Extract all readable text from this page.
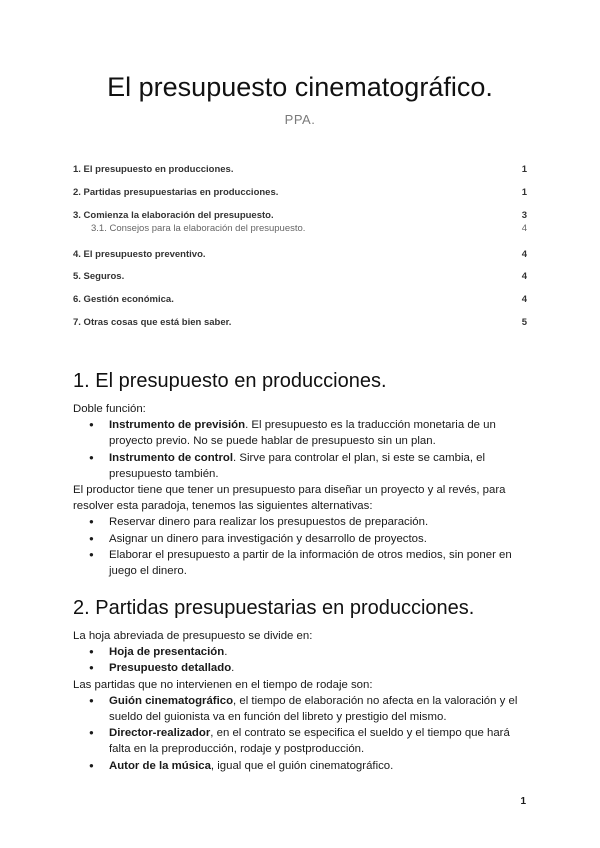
El presupuesto cinematográfico.
PPA.
1. El presupuesto en producciones.	1
2. Partidas presupuestarias en producciones.	1
3. Comienza la elaboración del presupuesto.	3
3.1. Consejos para la elaboración del presupuesto.	4
4. El presupuesto preventivo.	4
5. Seguros.	4
6. Gestión económica.	4
7. Otras cosas que está bien saber.	5
1. El presupuesto en producciones.

Doble función:

● Instrumento de previsión. El presupuesto es la traducción monetaria de un proyecto previo. No se puede hablar de presupuesto sin un plan.
● Instrumento de control. Sirve para controlar el plan, si este se cambia, el presupuesto también.

El productor tiene que tener un presupuesto para diseñar un proyecto y al revés, para resolver esta paradoja, tenemos las siguientes alternativas:

● Reservar dinero para realizar los presupuestos de preparación.
● Asignar un dinero para investigación y desarrollo de proyectos.
● Elaborar el presupuesto a partir de la información de otros medios, sin poner en juego el dinero.
2. Partidas presupuestarias en producciones.

La hoja abreviada de presupuesto se divide en:

● Hoja de presentación.
● Presupuesto detallado.

Las partidas que no intervienen en el tiempo de rodaje son:

● Guión cinematográfico, el tiempo de elaboración no afecta en la valoración y el sueldo del guionista va en función del libreto y prestigio del mismo.
● Director-realizador, en el contrato se especifica el sueldo y el tiempo que hará falta en la preproducción, rodaje y postproducción.
● Autor de la música, igual que el guión cinematográfico.
1
